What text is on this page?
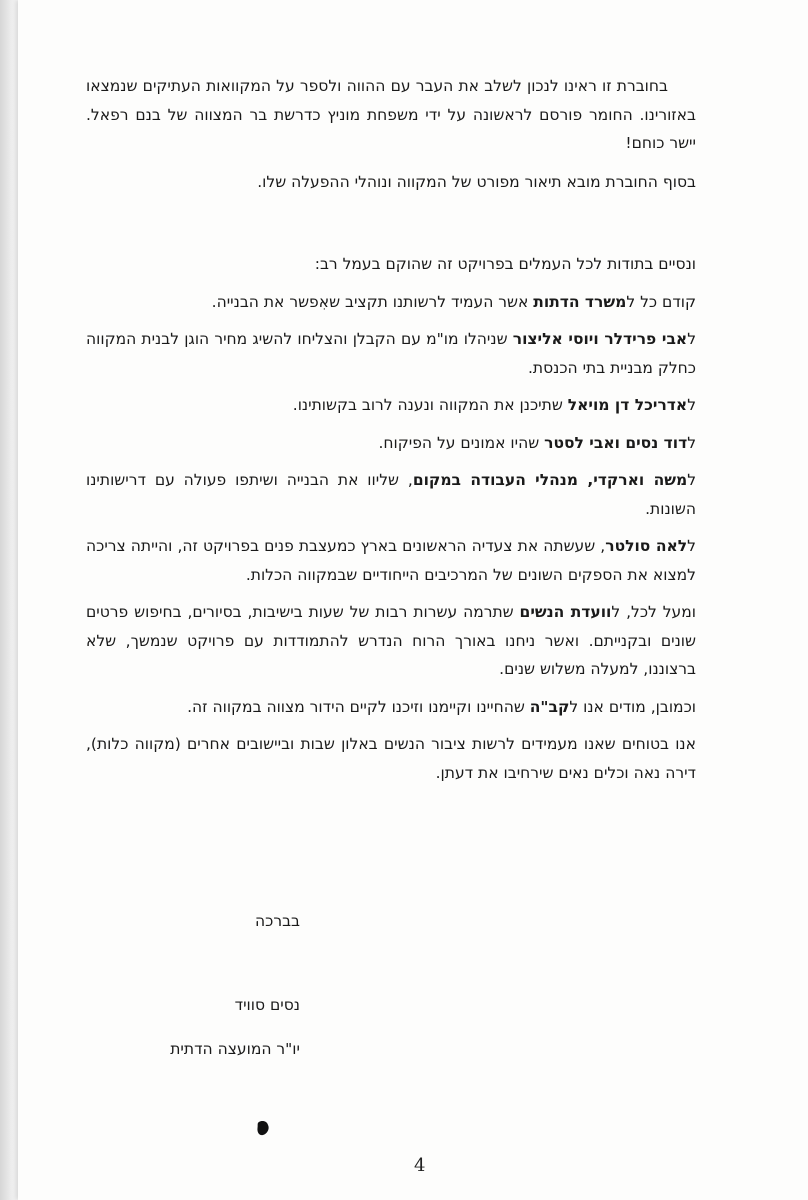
בחוברת זו ראינו לנכון לשלב את העבר עם ההווה ולספר על המקוואות העתיקים שנמצאו באזורינו. החומר פורסם לראשונה על ידי משפחת מוניץ כדרשת בר המצווה של בנם רפאל. יישר כוחם!

בסוף החוברת מובא תיאור מפורט של המקווה ונוהלי ההפעלה שלו.

ונסיים בתודות לכל העמלים בפרויקט זה שהוקם בעמל רב:

קודם כל למשרד הדתות אשר העמיד לרשותנו תקציב שאִפשר את הבנייה.

לאבי פרידלר ויוסי אליצור שניהלו מו"מ עם הקבלן והצליחו להשיג מחיר הוגן לבנית המקווה כחלק מבניית בתי הכנסת.

לאדריכל דן מויאל שתיכנן את המקווה ונענה לרוב בקשותינו.

לדוד נסים ואבי לסטר שהיו אמונים על הפיקוח.

למשה וארקדי, מנהלי העבודה במקום, שליוו את הבנייה ושיתפו פעולה עם דרישותינו השונות.

ללאה סולטר, שעשתה את צעדיה הראשונים בארץ כמעצבת פנים בפרויקט זה, והייתה צריכה למצוא את הספקים השונים של המרכיבים הייחודיים שבמקווה הכלות.

ומעל לכל, לוועדת הנשים שתרמה עשרות רבות של שעות בישיבות, בסיורים, בחיפוש פרטים שונים ובקנייתם. ואשר ניחנו באורך הרוח הנדרש להתמודדות עם פרויקט שנמשך, שלא ברצוננו, למעלה משלוש שנים.

וכמובן, מודים אנו לקב"ה שהחיינו וקיימנו וזיכנו לקיים הידור מצווה במקווה זה.

אנו בטוחים שאנו מעמידים לרשות ציבור הנשים באלון שבות וביישובים אחרים (מקווה כלות), דירה נאה וכלים נאים שירחיבו את דעתן.

בברכה
נסים סוויד
יו"ר המועצה הדתית
4
